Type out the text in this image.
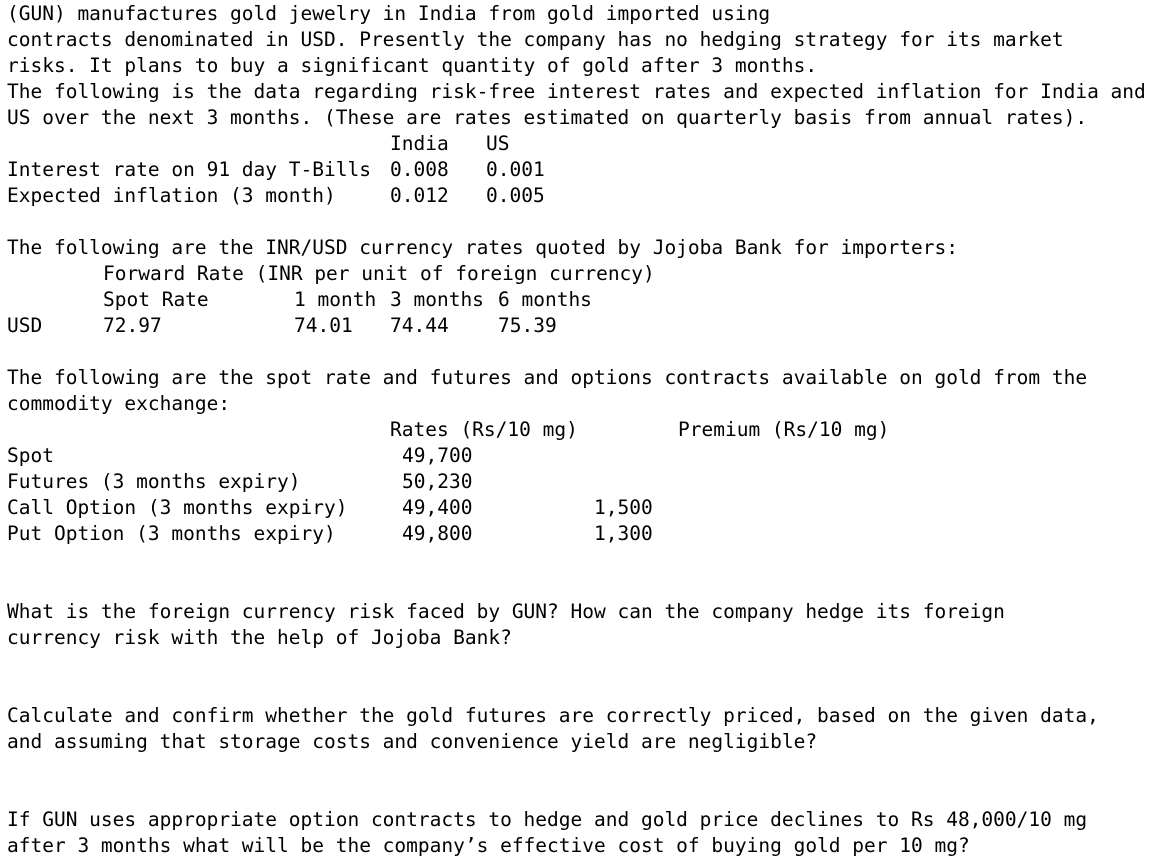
(GUN) manufactures gold jewelry in India from gold imported using
contracts denominated in USD. Presently the company has no hedging strategy for its market
risks. It plans to buy a significant quantity of gold after 3 months.
The following is the data regarding risk-free interest rates and expected inflation for India and
US over the next 3 months. (These are rates estimated on quarterly basis from annual rates).
India US
Interest rate on 91 day T-Bills 0.008 0.001
Expected inflation (3 month)	0.012 0.005
The following are the INR/USD currency rates quoted by Jojoba Bank for importers:
Forward Rate (INR per unit of foreign currency)
Spot Rate	1 month 3 months 6 months
USD	72.97	74.01 74.44	75.39
The following are the spot rate and futures and options contracts available on gold from the
commodity exchange:
Rates (Rs/10 mg)	Premium (Rs/10 mg)
Spot	49,700
Futures (3 months expiry)	50,230
Call Option (3 months expiry)	49,400	1,500
Put Option (3 months expiry)	49,800	1,300
What is the foreign currency risk faced by GUN? How can the company hedge its foreign
currency risk with the help of Jojoba Bank?
Calculate and confirm whether the gold futures are correctly priced, based on the given data,
and assuming that storage costs and convenience yield are negligible?
If GUN uses appropriate option contracts to hedge and gold price declines to Rs 48,000/10 mg
after 3 months what will be the company’s effective cost of buying gold per 10 mg?
